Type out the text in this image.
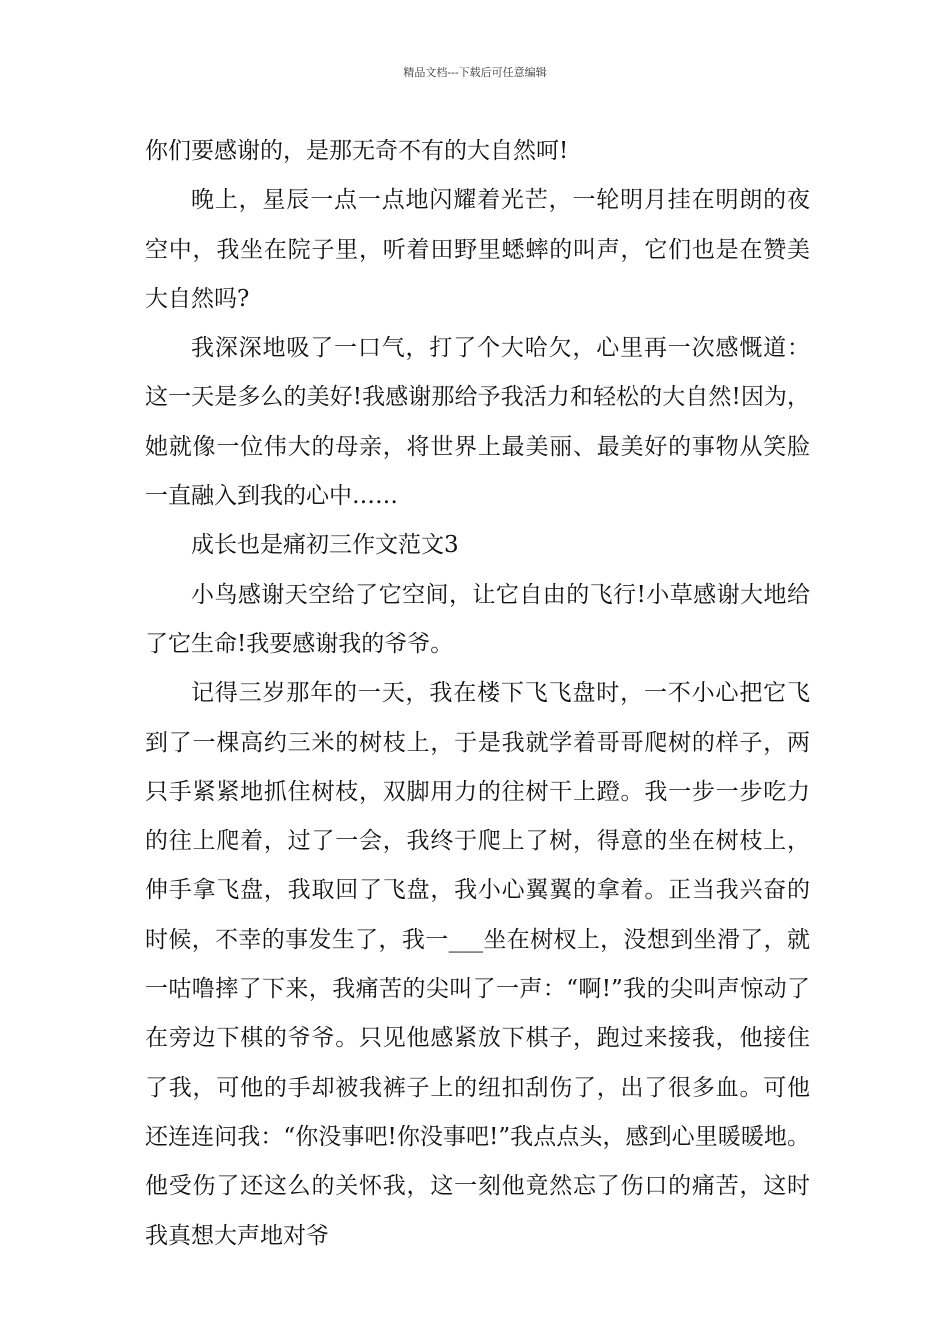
精品文档---下载后可任意编辑

你们要感谢的，是那无奇不有的大自然呵!

晚上，星辰一点一点地闪耀着光芒，一轮明月挂在明朗的夜空中，我坐在院子里，听着田野里蟋蟀的叫声，它们也是在赞美大自然吗?

我深深地吸了一口气，打了个大哈欠，心里再一次感慨道：这一天是多么的美好!我感谢那给予我活力和轻松的大自然!因为，她就像一位伟大的母亲，将世界上最美丽、最美好的事物从笑脸一直融入到我的心中……

成长也是痛初三作文范文3

小鸟感谢天空给了它空间，让它自由的飞行!小草感谢大地给了它生命!我要感谢我的爷爷。

记得三岁那年的一天，我在楼下飞飞盘时，一不小心把它飞到了一棵高约三米的树枝上，于是我就学着哥哥爬树的样子，两只手紧紧地抓住树枝，双脚用力的往树干上蹬。我一步一步吃力的往上爬着，过了一会，我终于爬上了树，得意的坐在树枝上，伸手拿飞盘，我取回了飞盘，我小心翼翼的拿着。正当我兴奋的时候，不幸的事发生了，我一___坐在树杈上，没想到坐滑了，就一咕噜摔了下来，我痛苦的尖叫了一声：“啊!”我的尖叫声惊动了在旁边下棋的爷爷。只见他感紧放下棋子，跑过来接我，他接住了我，可他的手却被我裤子上的纽扣刮伤了，出了很多血。可他还连连问我：“你没事吧!你没事吧!”我点点头，感到心里暖暖地。他受伤了还这么的关怀我，这一刻他竟然忘了伤口的痛苦，这时我真想大声地对爷
